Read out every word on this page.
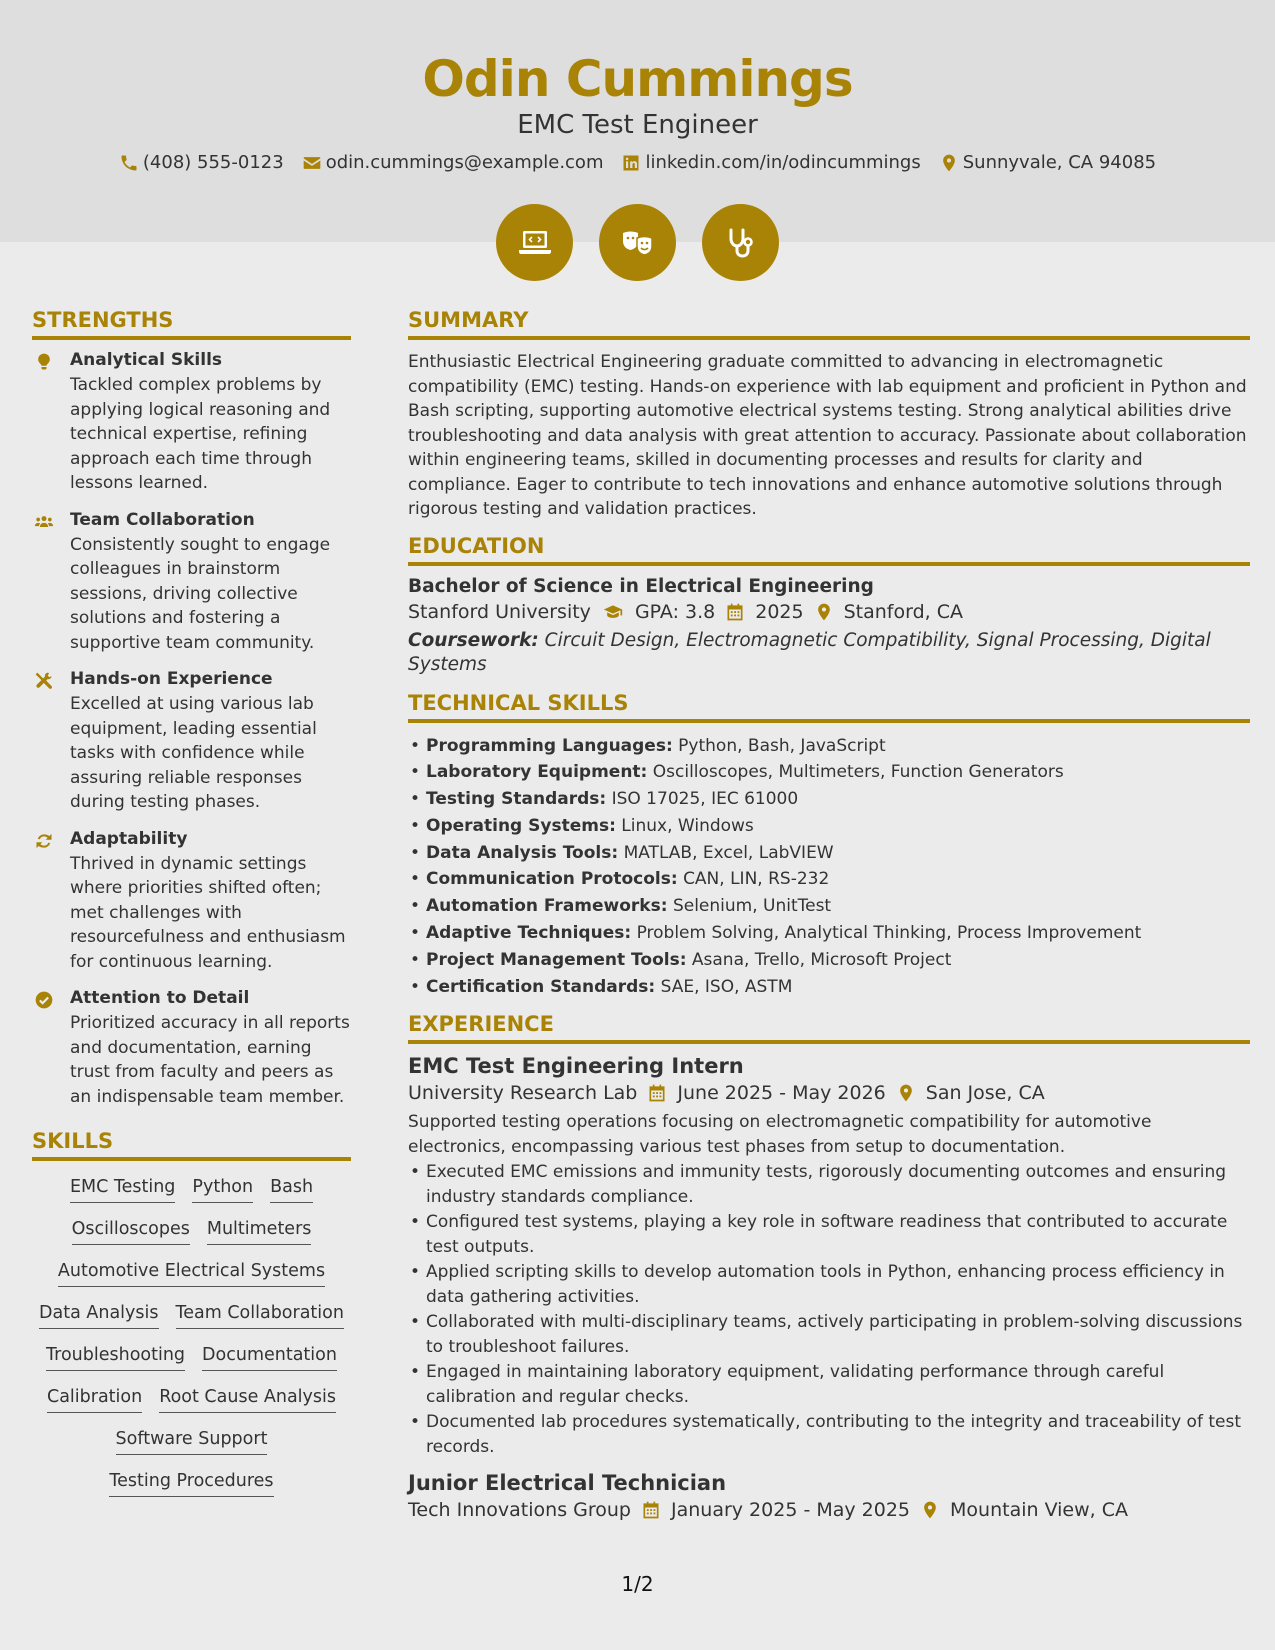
Odin Cummings
EMC Test Engineer
(408) 555-0123 odin.cummings@example.com linkedin.com/in/odincummings Sunnyvale, CA 94085
STRENGTHS
Analytical Skills
Tackled complex problems by applying logical reasoning and technical expertise, refining approach each time through lessons learned.
Team Collaboration
Consistently sought to engage colleagues in brainstorm sessions, driving collective solutions and fostering a supportive team community.
Hands-on Experience
Excelled at using various lab equipment, leading essential tasks with confidence while assuring reliable responses during testing phases.
Adaptability
Thrived in dynamic settings where priorities shifted often; met challenges with resourcefulness and enthusiasm for continuous learning.
Attention to Detail
Prioritized accuracy in all reports and documentation, earning trust from faculty and peers as an indispensable team member.
SKILLS
EMC Testing Python Bash
Oscilloscopes Multimeters
Automotive Electrical Systems
Data Analysis Team Collaboration
Troubleshooting Documentation
Calibration Root Cause Analysis
Software Support
Testing Procedures
SUMMARY
Enthusiastic Electrical Engineering graduate committed to advancing in electromagnetic compatibility (EMC) testing. Hands-on experience with lab equipment and proficient in Python and Bash scripting, supporting automotive electrical systems testing. Strong analytical abilities drive troubleshooting and data analysis with great attention to accuracy. Passionate about collaboration within engineering teams, skilled in documenting processes and results for clarity and compliance. Eager to contribute to tech innovations and enhance automotive solutions through rigorous testing and validation practices.
EDUCATION
Bachelor of Science in Electrical Engineering
Stanford University GPA: 3.8 2025 Stanford, CA
Coursework: Circuit Design, Electromagnetic Compatibility, Signal Processing, Digital Systems
TECHNICAL SKILLS
• Programming Languages: Python, Bash, JavaScript
• Laboratory Equipment: Oscilloscopes, Multimeters, Function Generators
• Testing Standards: ISO 17025, IEC 61000
• Operating Systems: Linux, Windows
• Data Analysis Tools: MATLAB, Excel, LabVIEW
• Communication Protocols: CAN, LIN, RS-232
• Automation Frameworks: Selenium, UnitTest
• Adaptive Techniques: Problem Solving, Analytical Thinking, Process Improvement
• Project Management Tools: Asana, Trello, Microsoft Project
• Certification Standards: SAE, ISO, ASTM
EXPERIENCE
EMC Test Engineering Intern
University Research Lab June 2025 - May 2026 San Jose, CA
Supported testing operations focusing on electromagnetic compatibility for automotive electronics, encompassing various test phases from setup to documentation.
• Executed EMC emissions and immunity tests, rigorously documenting outcomes and ensuring industry standards compliance.
• Configured test systems, playing a key role in software readiness that contributed to accurate test outputs.
• Applied scripting skills to develop automation tools in Python, enhancing process efficiency in data gathering activities.
• Collaborated with multi-disciplinary teams, actively participating in problem-solving discussions to troubleshoot failures.
• Engaged in maintaining laboratory equipment, validating performance through careful calibration and regular checks.
• Documented lab procedures systematically, contributing to the integrity and traceability of test records.
Junior Electrical Technician
Tech Innovations Group January 2025 - May 2025 Mountain View, CA
1/2
